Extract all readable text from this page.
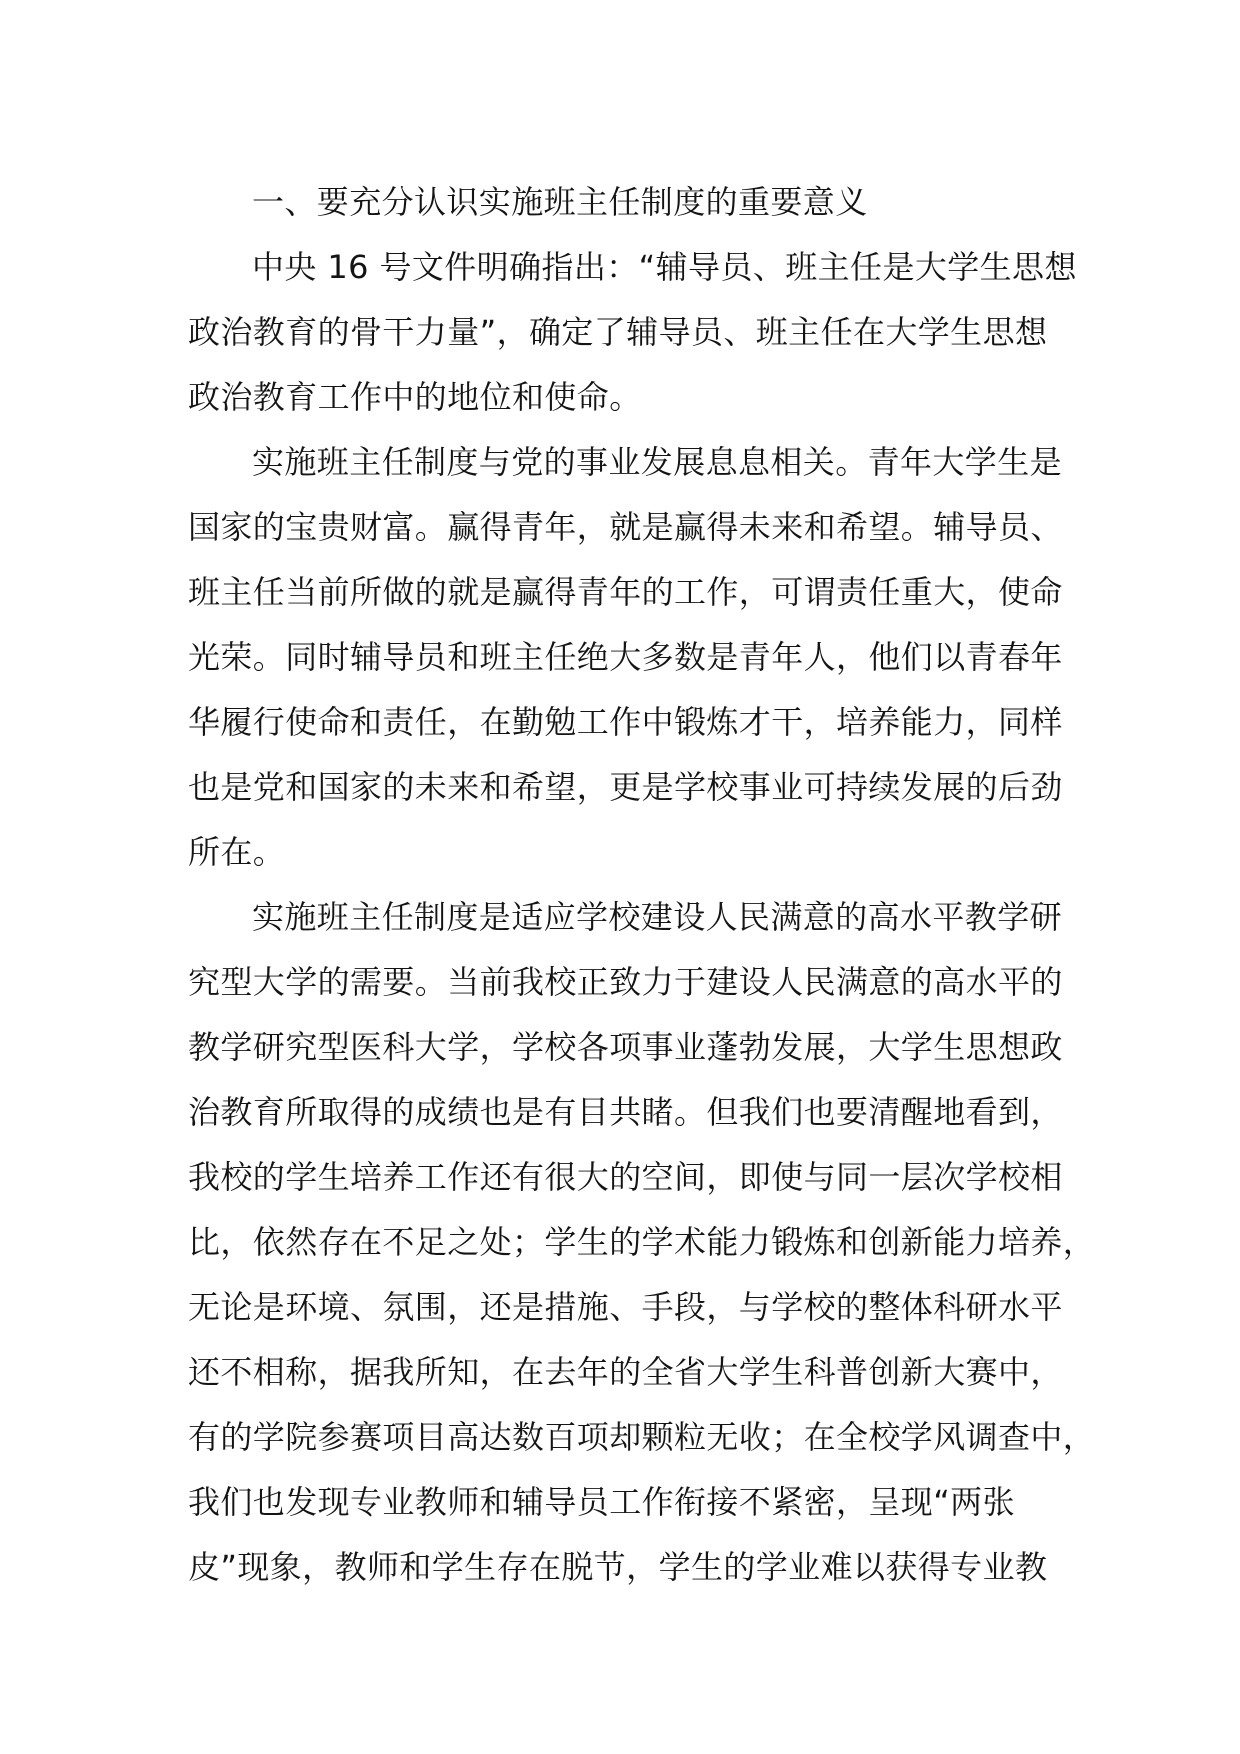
一、要充分认识实施班主任制度的重要意义

中央 16 号文件明确指出：“辅导员、班主任是大学生思想
政治教育的骨干力量”，确定了辅导员、班主任在大学生思想
政治教育工作中的地位和使命。

实施班主任制度与党的事业发展息息相关。青年大学生是
国家的宝贵财富。赢得青年，就是赢得未来和希望。辅导员、
班主任当前所做的就是赢得青年的工作，可谓责任重大，使命
光荣。同时辅导员和班主任绝大多数是青年人，他们以青春年
华履行使命和责任，在勤勉工作中锻炼才干，培养能力，同样
也是党和国家的未来和希望，更是学校事业可持续发展的后劲
所在。

实施班主任制度是适应学校建设人民满意的高水平教学研
究型大学的需要。当前我校正致力于建设人民满意的高水平的
教学研究型医科大学，学校各项事业蓬勃发展，大学生思想政
治教育所取得的成绩也是有目共睹。但我们也要清醒地看到，
我校的学生培养工作还有很大的空间，即使与同一层次学校相
比，依然存在不足之处；学生的学术能力锻炼和创新能力培养，
无论是环境、氛围，还是措施、手段，与学校的整体科研水平
还不相称，据我所知，在去年的全省大学生科普创新大赛中，
有的学院参赛项目高达数百项却颗粒无收；在全校学风调查中，
我们也发现专业教师和辅导员工作衔接不紧密，呈现“两张
皮”现象，教师和学生存在脱节，学生的学业难以获得专业教
